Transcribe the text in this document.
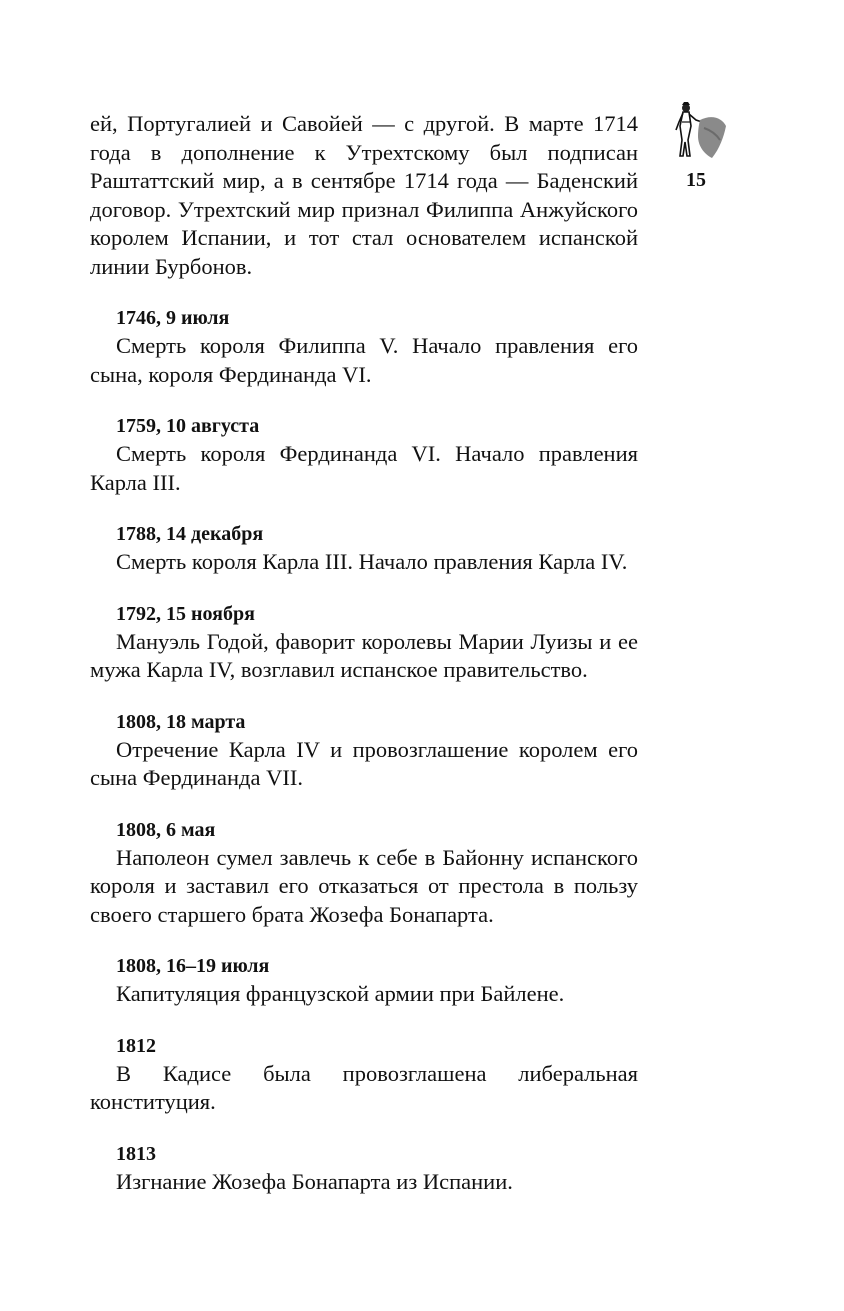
15

ей, Португалией и Савойей — с другой. В марте 1714 года в дополнение к Утрехтскому был подписан Раштаттский мир, а в сентябре 1714 года — Баденский договор. Утрехтский мир признал Филиппа Анжуйского королем Испании, и тот стал основателем испанской линии Бурбонов.

1746, 9 июля

Смерть короля Филиппа V. Начало правления его сына, короля Фердинанда VI.

1759, 10 августа

Смерть короля Фердинанда VI. Начало правления Карла III.

1788, 14 декабря

Смерть короля Карла III. Начало правления Карла IV.

1792, 15 ноября

Мануэль Годой, фаворит королевы Марии Луизы и ее мужа Карла IV, возглавил испанское правительство.

1808, 18 марта

Отречение Карла IV и провозглашение королем его сына Фердинанда VII.

1808, 6 мая

Наполеон сумел завлечь к себе в Байонну испанского короля и заставил его отказаться от престола в пользу своего старшего брата Жозефа Бонапарта.

1808, 16–19 июля

Капитуляция французской армии при Байлене.

1812

В Кадисе была провозглашена либеральная конституция.

1813

Изгнание Жозефа Бонапарта из Испании.
